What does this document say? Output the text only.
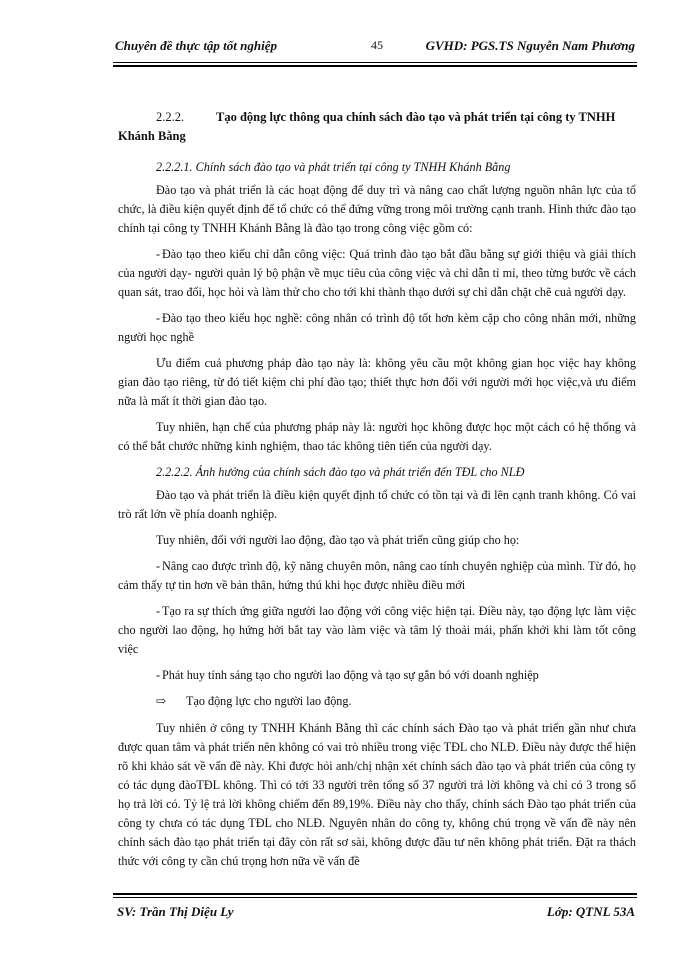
Chuyên đề thực tập tốt nghiệp	45	GVHD: PGS.TS Nguyễn Nam Phương
2.2.2.	Tạo động lực thông qua chính sách đào tạo và phát triển tại công ty TNHH Khánh Bằng
2.2.2.1. Chính sách đào tạo và phát triển tại công ty TNHH Khánh Bằng

Đào tạo và phát triển là các hoạt động để duy trì và nâng cao chất lượng nguồn nhân lực của tổ chức, là điều kiện quyết định để tổ chức có thể đứng vững trong môi trường cạnh tranh. Hình thức đào tạo chính tại công ty TNHH Khánh Bằng là đào tạo trong công việc gồm có:

- Đào tạo theo kiểu chỉ dẫn công việc: Quá trình đào tạo bắt đầu bằng sự giới thiệu và giải thích của người dạy- người quản lý bộ phận về mục tiêu của công việc và chỉ dẫn tỉ mỉ, theo từng bước về cách quan sát, trao đổi, học hỏi và làm thử cho cho tới khi thành thạo dưới sự chỉ dẫn chặt chẽ cuả người dạy.
- Đào tạo theo kiểu học nghề: công nhân có trình độ tốt hơn kèm cặp cho công nhân mới, những người học nghề

Ưu điểm cuả phương pháp đào tạo này là: không yêu cầu một không gian học việc hay không gian đào tạo riêng, từ đó tiết kiệm chi phí đào tạo; thiết thực hơn đối với người mới học việc,và ưu điểm nữa là mất ít thời gian đào tạo.

Tuy nhiên, hạn chế của phương pháp này là: người học không được học một cách có hệ thống và có thể bắt chước những kinh nghiệm, thao tác không tiên tiến của người dạy.

2.2.2.2. Ảnh hưởng của chính sách đào tạo và phát triển đến TĐL cho NLĐ

Đào tạo và phát triển là điều kiện quyết định tổ chức có tồn tại và đi lên cạnh tranh không. Có vai trò rất lớn về phía doanh nghiệp.

Tuy nhiên, đối với người lao động, đào tạo và phát triển cũng giúp cho họ:

- Nâng cao được trình độ, kỹ năng chuyên môn, nâng cao tính chuyên nghiệp của mình. Từ đó, họ cảm thấy tự tin hơn về bản thân, hứng thú khi học được nhiều điều mới
- Tạo ra sự thích ứng giữa người lao động với công việc hiện tại. Điều này, tạo động lực làm việc cho người lao động, họ hứng hởi bắt tay vào làm việc và tâm lý thoải mái, phấn khởi khi làm tốt công việc
- Phát huy tính sáng tạo cho người lao động và tạo sự gắn bó với doanh nghiệp
⇨ Tạo động lực cho người lao động.

Tuy nhiên ở công ty TNHH Khánh Bằng thì các chính sách Đào tạo và phát triển gần như chưa được quan tâm và phát triển nên không có vai trò nhiều trong việc TĐL cho NLĐ. Điều này được thể hiện rõ khi khảo sát về vấn đề này. Khi được hỏi anh/chị nhận xét chính sách đào tạo và phát triển của công ty có tác dụng đàoTĐL không. Thì có tới 33 người trên tổng số 37 người trả lời không và chỉ có 3 trong số họ trả lời có. Tỷ lệ trả lời không chiếm đến 89,19%. Điều này cho thấy, chính sách Đào tạo phát triển của công ty chưa có tác dụng TĐL cho NLĐ. Nguyên nhân do công ty, không chú trọng về vấn đề này nên chính sách đào tạo phát triển tại đây còn rất sơ sài, không được đầu tư nên không phát triển. Đặt ra thách thức với công ty cần chú trọng hơn nữa về vấn đề

SV: Trần Thị Diệu Ly	Lớp: QTNL 53A
